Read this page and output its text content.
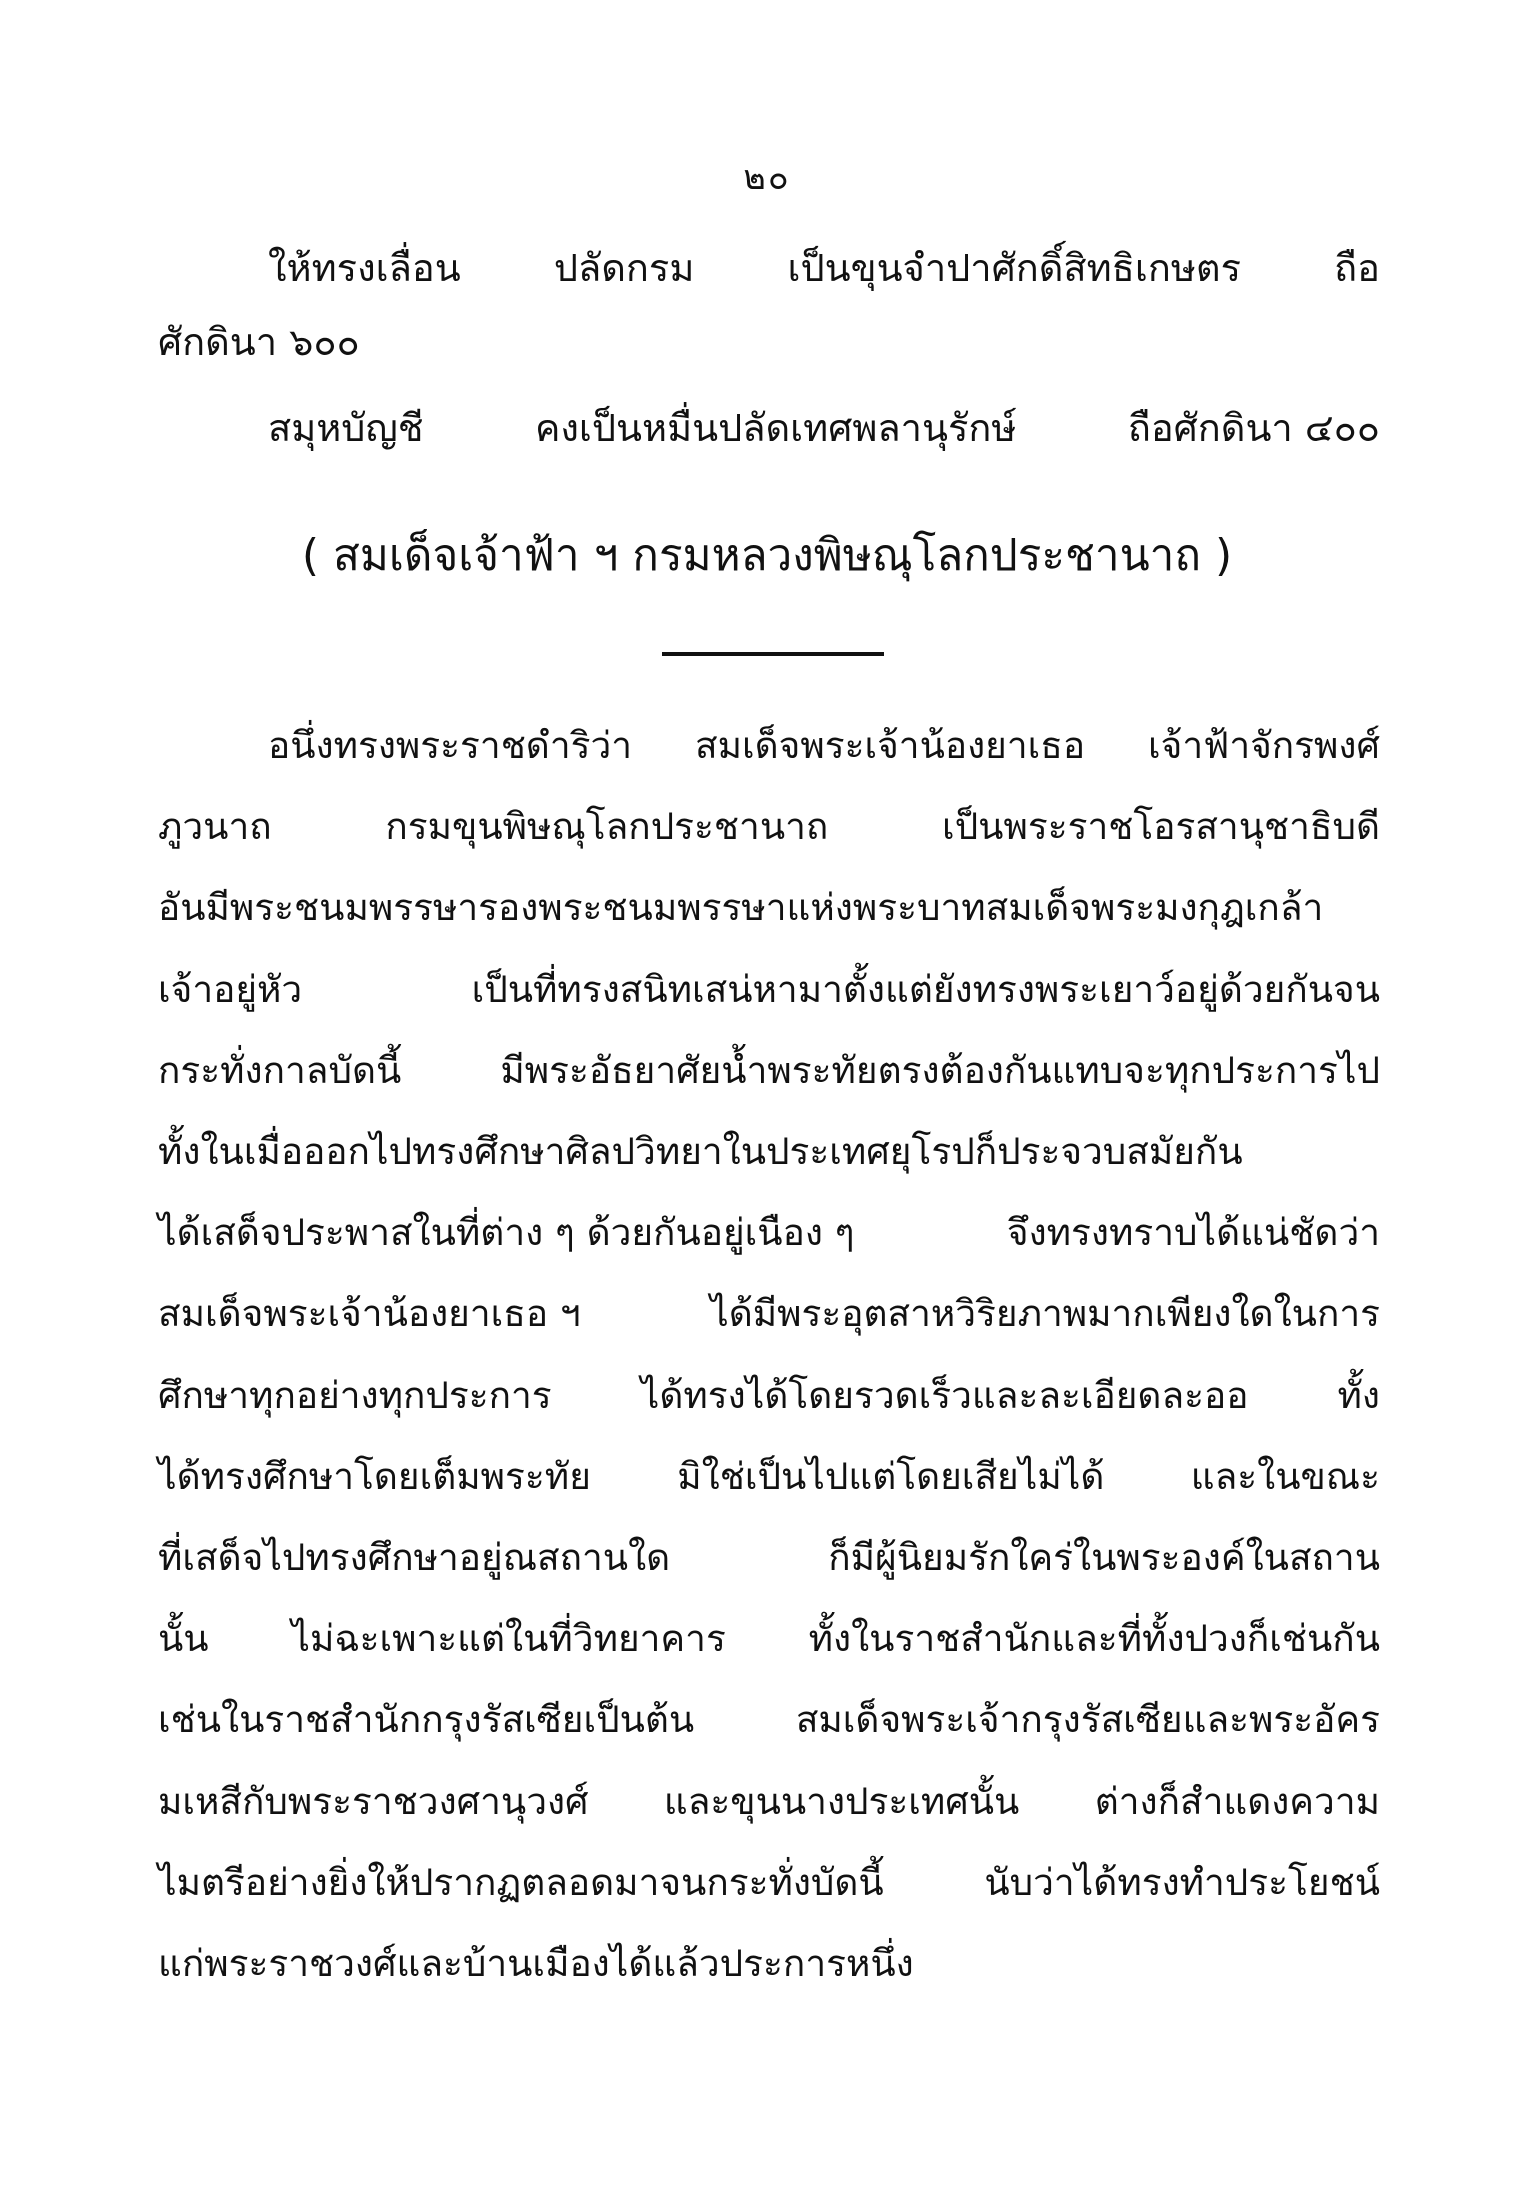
๒๐
ให้ทรงเลื่อน ปลัดกรม เป็นขุนจำปาศักดิ์สิทธิเกษตร ถือ
ศักดินา ๖๐๐
สมุหบัญชี	คงเป็นหมื่นปลัดเทศพลานุรักษ์	ถือศักดินา ๔๐๐
( สมเด็จเจ้าฟ้า ฯ กรมหลวงพิษณุโลกประชานาถ )
อนึ่งทรงพระราชดำริว่า สมเด็จพระเจ้าน้องยาเธอ เจ้าฟ้าจักรพงศ์
ภูวนาถ	กรมขุนพิษณุโลกประชานาถ	เป็นพระราชโอรสานุชาธิบดี
อันมีพระชนมพรรษารองพระชนมพรรษาแห่งพระบาทสมเด็จพระมงกุฎเกล้า
เจ้าอยู่หัว	เป็นที่ทรงสนิทเสน่หามาตั้งแต่ยังทรงพระเยาว์อยู่ด้วยกันจน
กระทั่งกาลบัดนี้	มีพระอัธยาศัยน้ำพระทัยตรงต้องกันแทบจะทุกประการไป
ทั้งในเมื่อออกไปทรงศึกษาศิลปวิทยาในประเทศยุโรปก็ประจวบสมัยกัน
ได้เสด็จประพาสในที่ต่าง ๆ ด้วยกันอยู่เนือง ๆ	จึงทรงทราบได้แน่ชัดว่า
สมเด็จพระเจ้าน้องยาเธอ ฯ	ได้มีพระอุตสาหวิริยภาพมากเพียงใดในการ
ศึกษาทุกอย่างทุกประการ ได้ทรงได้โดยรวดเร็วและละเอียดละออ ทั้ง
ได้ทรงศึกษาโดยเต็มพระทัย มิใช่เป็นไปแต่โดยเสียไม่ได้ และในขณะ
ที่เสด็จไปทรงศึกษาอยู่ณสถานใด	ก็มีผู้นิยมรักใคร่ในพระองค์ในสถาน
นั้น ไม่ฉะเพาะแต่ในที่วิทยาคาร ทั้งในราชสำนักและที่ทั้งปวงก็เช่นกัน
เช่นในราชสำนักกรุงรัสเซียเป็นต้น	สมเด็จพระเจ้ากรุงรัสเซียและพระอัคร
มเหสีกับพระราชวงศานุวงศ์ และขุนนางประเทศนั้น ต่างก็สำแดงความ
ไมตรีอย่างยิ่งให้ปรากฏตลอดมาจนกระทั่งบัดนี้	นับว่าได้ทรงทำประโยชน์
แก่พระราชวงศ์และบ้านเมืองได้แล้วประการหนึ่ง
